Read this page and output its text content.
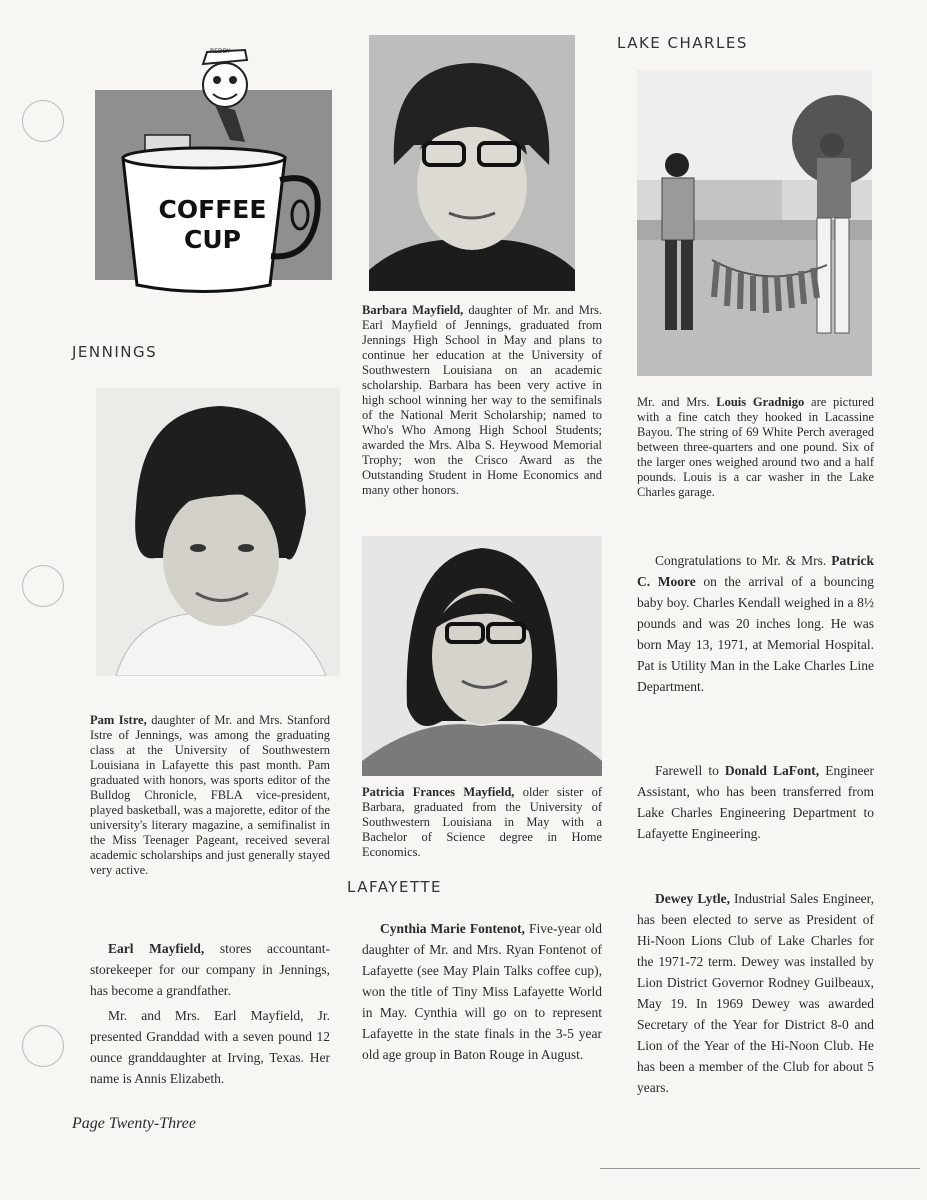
COFFEE
CUP
REDDY
JENNINGS
LAFAYETTE
LAKE CHARLES
Pam Istre, daughter of Mr. and Mrs. Stanford Istre of Jennings, was among the graduating class at the University of Southwestern Louisiana in Lafayette this past month. Pam graduated with honors, was sports editor of the Bulldog Chronicle, FBLA vice-president, played basketball, was a majorette, editor of the university's literary magazine, a semifinalist in the Miss Teenager Pageant, received several academic scholarships and just generally stayed very active.

Earl Mayfield, stores accountant-storekeeper for our company in Jennings, has become a grandfather.

Mr. and Mrs. Earl Mayfield, Jr. presented Granddad with a seven pound 12 ounce granddaughter at Irving, Texas. Her name is Annis Elizabeth.

Barbara Mayfield, daughter of Mr. and Mrs. Earl Mayfield of Jennings, graduated from Jennings High School in May and plans to continue her education at the University of Southwestern Louisiana on an academic scholarship. Barbara has been very active in high school winning her way to the semifinals of the National Merit Scholarship; named to Who's Who Among High School Students; awarded the Mrs. Alba S. Heywood Memorial Trophy; won the Crisco Award as the Outstanding Student in Home Economics and many other honors.
Patricia Frances Mayfield, older sister of Barbara, graduated from the University of Southwestern Louisiana in May with a Bachelor of Science degree in Home Economics.

Cynthia Marie Fontenot, Five-year old daughter of Mr. and Mrs. Ryan Fontenot of Lafayette (see May Plain Talks coffee cup), won the title of Tiny Miss Lafayette World in May. Cynthia will go on to represent Lafayette in the state finals in the 3-5 year old age group in Baton Rouge in August.

Mr. and Mrs. Louis Gradnigo are pictured with a fine catch they hooked in Lacassine Bayou. The string of 69 White Perch averaged between three-quarters and one pound. Six of the larger ones weighed around two and a half pounds. Louis is a car washer in the Lake Charles garage.

Congratulations to Mr. & Mrs. Patrick C. Moore on the arrival of a bouncing baby boy. Charles Kendall weighed in a 8½ pounds and was 20 inches long. He was born May 13, 1971, at Memorial Hospital. Pat is Utility Man in the Lake Charles Line Department.

Farewell to Donald LaFont, Engineer Assistant, who has been transferred from Lake Charles Engineering Department to Lafayette Engineering.

Dewey Lytle, Industrial Sales Engineer, has been elected to serve as President of Hi-Noon Lions Club of Lake Charles for the 1971-72 term. Dewey was installed by Lion District Governor Rodney Guilbeaux, May 19. In 1969 Dewey was awarded Secretary of the Year for District 8-0 and Lion of the Year of the Hi-Noon Club. He has been a member of the Club for about 5 years.

Page Twenty-Three
